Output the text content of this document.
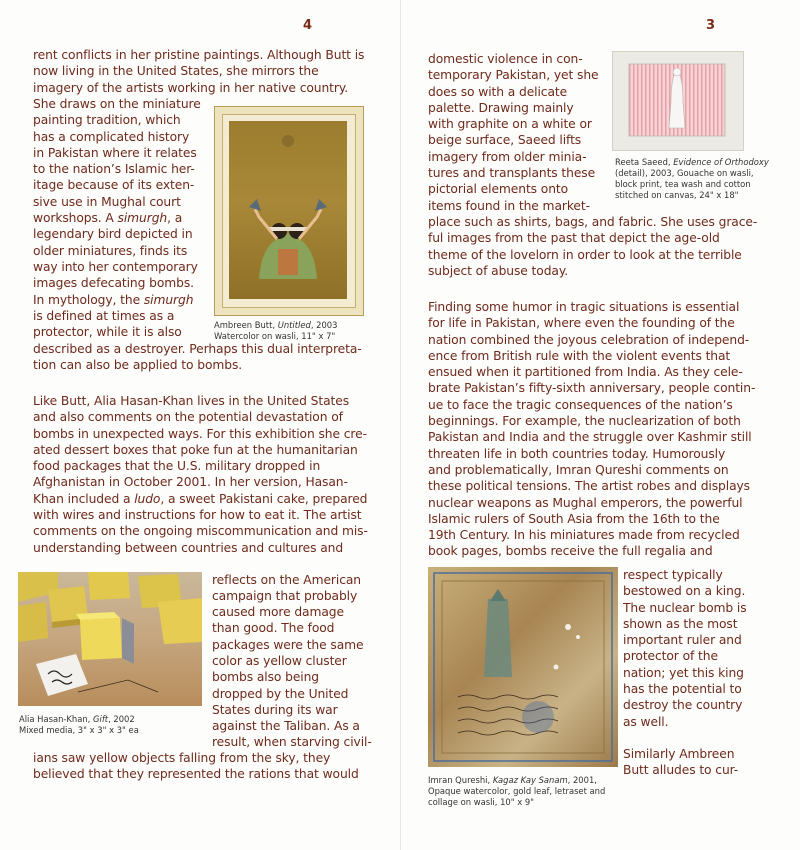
4
rent conflicts in her pristine paintings. Although Butt is
now living in the United States, she mirrors the
imagery of the artists working in her native country.
She draws on the miniature
painting tradition, which
has a complicated history
in Pakistan where it relates
to the nation’s Islamic her-
itage because of its exten-
sive use in Mughal court
workshops. A simurgh, a
legendary bird depicted in
older miniatures, finds its
way into her contemporary
images defecating bombs.
In mythology, the simurgh
is defined at times as a
protector, while it is also
described as a destroyer. Perhaps this dual interpreta-
tion can also be applied to bombs.
Ambreen Butt, Untitled, 2003
Watercolor on wasli, 11" x 7"
Like Butt, Alia Hasan-Khan lives in the United States
and also comments on the potential devastation of
bombs in unexpected ways. For this exhibition she cre-
ated dessert boxes that poke fun at the humanitarian
food packages that the U.S. military dropped in
Afghanistan in October 2001. In her version, Hasan-
Khan included a ludo, a sweet Pakistani cake, prepared
with wires and instructions for how to eat it. The artist
comments on the ongoing miscommunication and mis-
understanding between countries and cultures and
Alia Hasan-Khan, Gift, 2002
Mixed media, 3" x 3" x 3" ea
reflects on the American
campaign that probably
caused more damage
than good. The food
packages were the same
color as yellow cluster
bombs also being
dropped by the United
States during its war
against the Taliban. As a
result, when starving civil-
ians saw yellow objects falling from the sky, they
believed that they represented the rations that would
3
domestic violence in con-
temporary Pakistan, yet she
does so with a delicate
palette. Drawing mainly
with graphite on a white or
beige surface, Saeed lifts
imagery from older minia-
tures and transplants these
pictorial elements onto
items found in the market-
place such as shirts, bags, and fabric. She uses grace-
ful images from the past that depict the age-old
theme of the lovelorn in order to look at the terrible
subject of abuse today.
Reeta Saeed, Evidence of Orthodoxy
(detail), 2003, Gouache on wasli,
block print, tea wash and cotton
stitched on canvas, 24" x 18"
Finding some humor in tragic situations is essential
for life in Pakistan, where even the founding of the
nation combined the joyous celebration of independ-
ence from British rule with the violent events that
ensued when it partitioned from India. As they cele-
brate Pakistan’s fifty-sixth anniversary, people contin-
ue to face the tragic consequences of the nation’s
beginnings. For example, the nuclearization of both
Pakistan and India and the struggle over Kashmir still
threaten life in both countries today. Humorously
and problematically, Imran Qureshi comments on
these political tensions. The artist robes and displays
nuclear weapons as Mughal emperors, the powerful
Islamic rulers of South Asia from the 16th to the
19th Century. In his miniatures made from recycled
book pages, bombs receive the full regalia and
Imran Qureshi, Kagaz Kay Sanam, 2001,
Opaque watercolor, gold leaf, letraset and
collage on wasli, 10" x 9"
respect typically
bestowed on a king.
The nuclear bomb is
shown as the most
important ruler and
protector of the
nation; yet this king
has the potential to
destroy the country
as well.
Similarly Ambreen
Butt alludes to cur-
